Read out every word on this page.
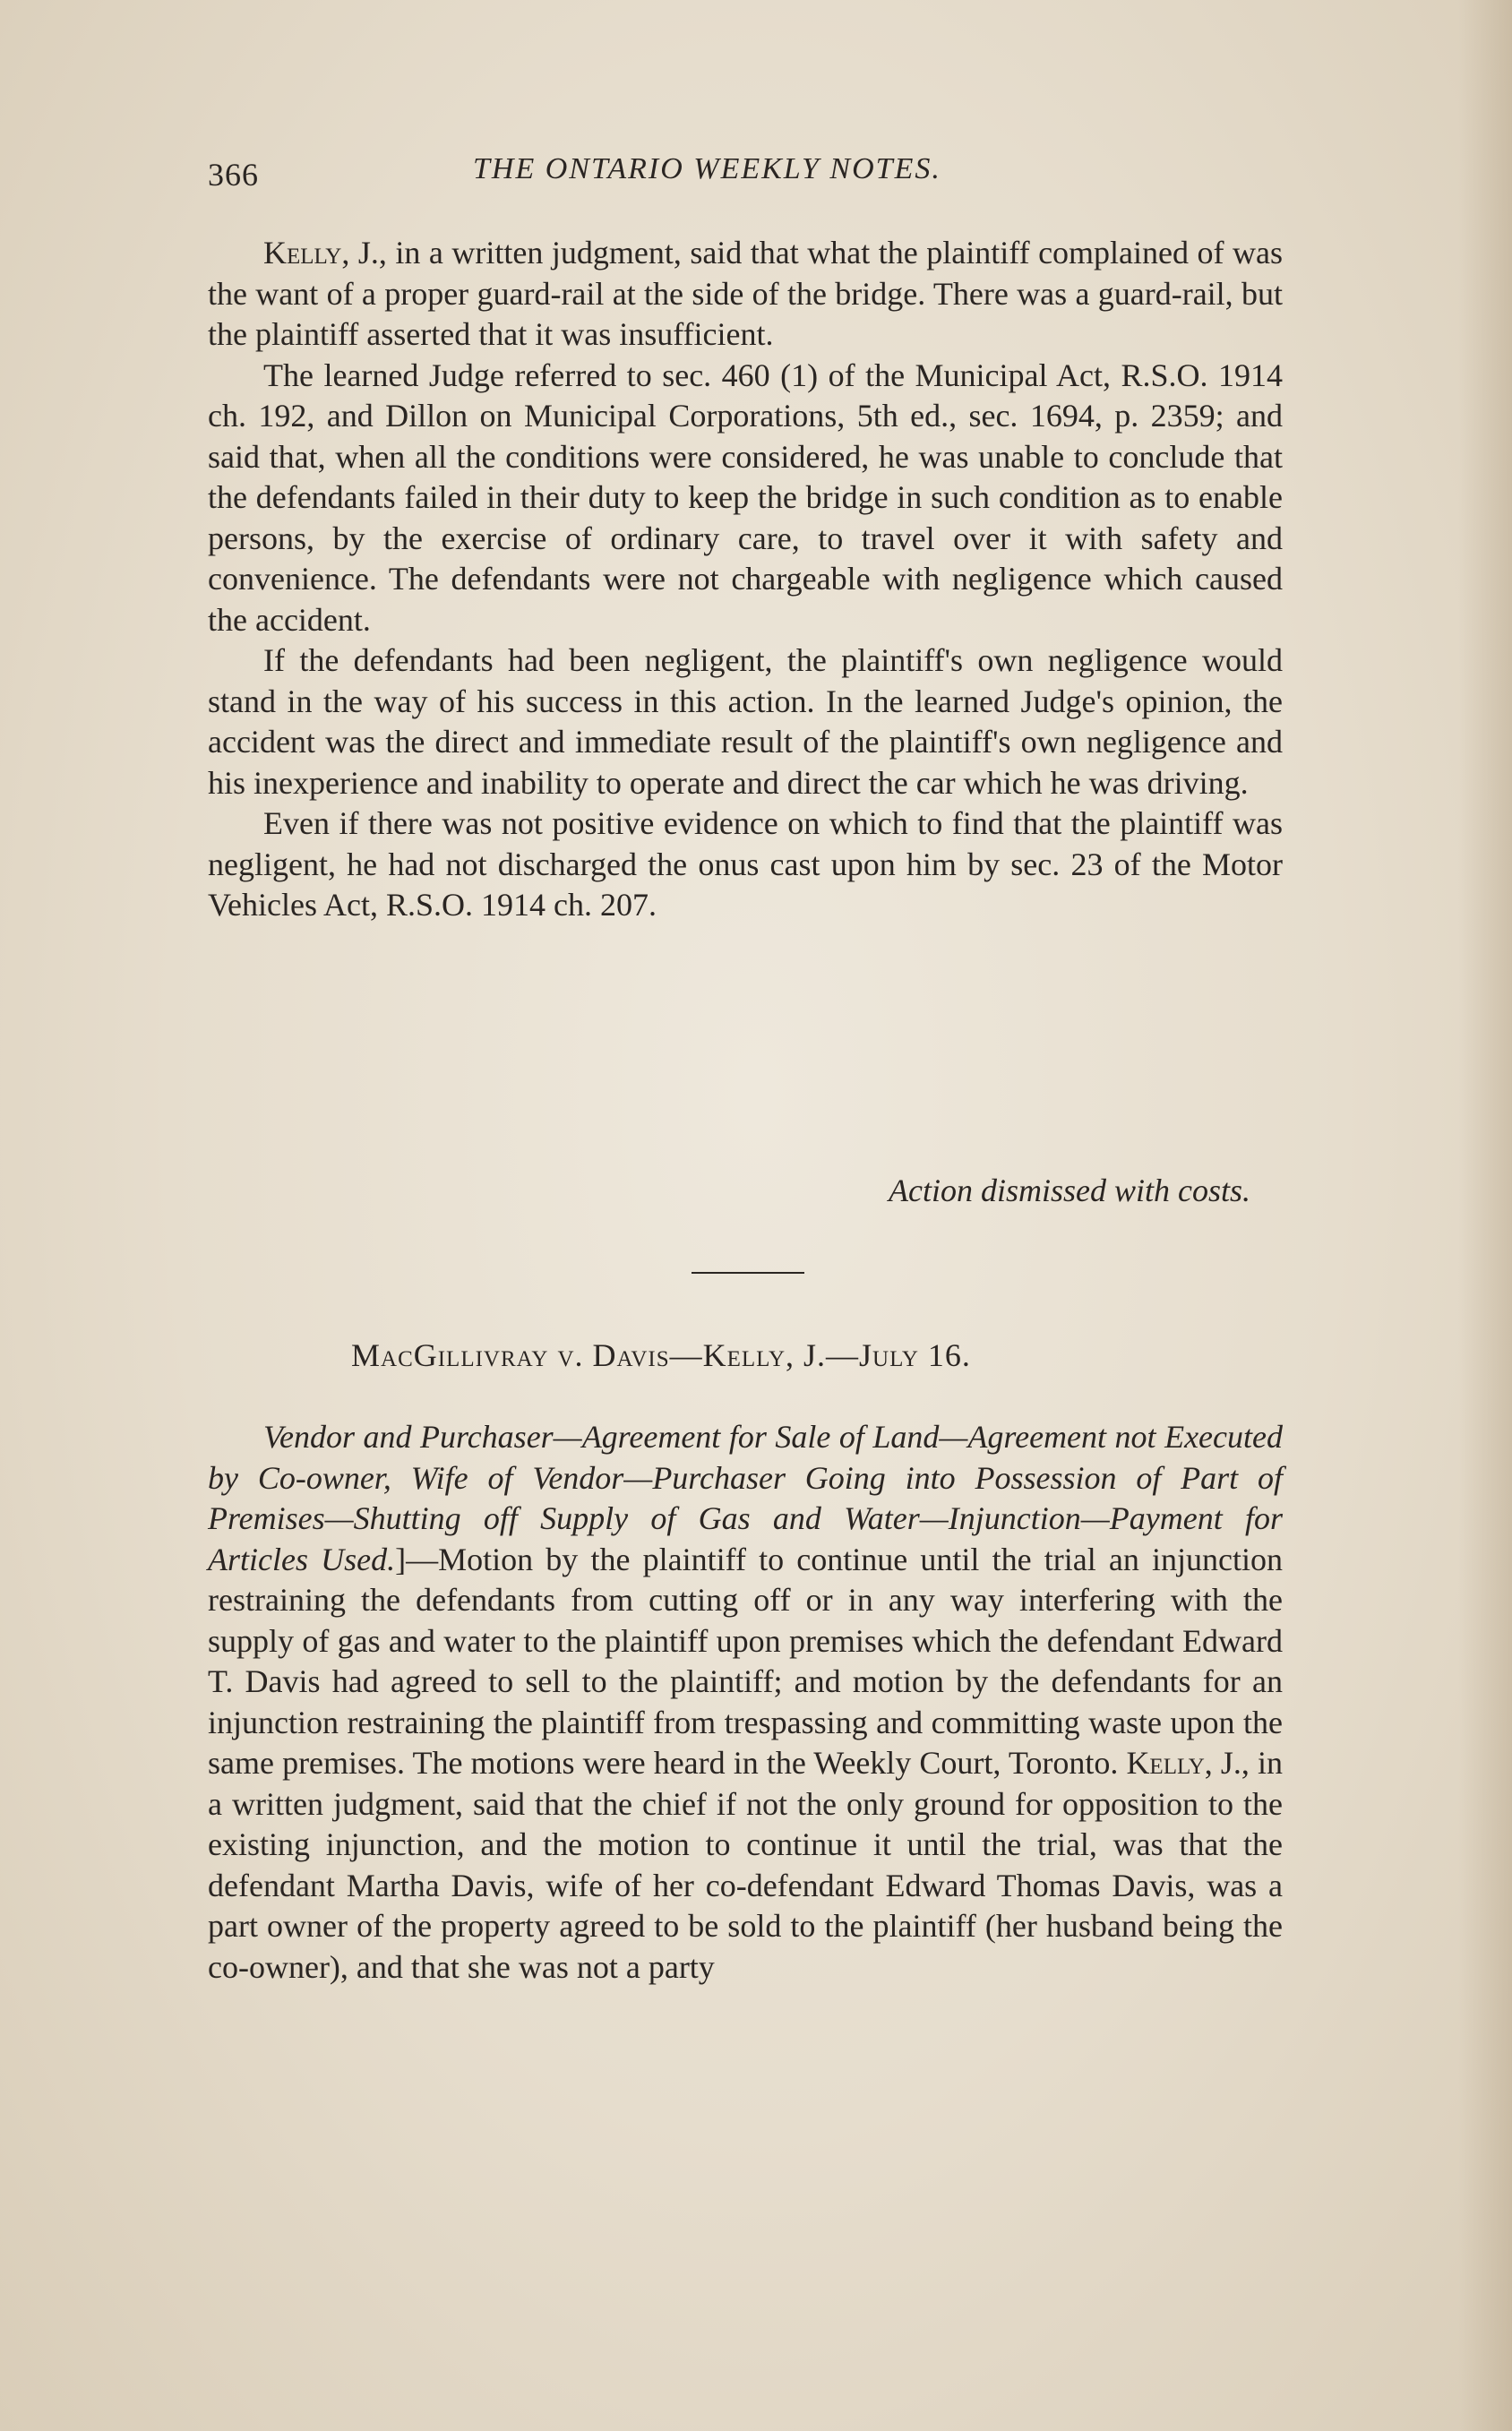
366	THE ONTARIO WEEKLY NOTES.

Kelly, J., in a written judgment, said that what the plaintiff complained of was the want of a proper guard-rail at the side of the bridge. There was a guard-rail, but the plaintiff asserted that it was insufficient.

The learned Judge referred to sec. 460 (1) of the Municipal Act, R.S.O. 1914 ch. 192, and Dillon on Municipal Corporations, 5th ed., sec. 1694, p. 2359; and said that, when all the conditions were considered, he was unable to conclude that the defendants failed in their duty to keep the bridge in such condition as to enable persons, by the exercise of ordinary care, to travel over it with safety and convenience. The defendants were not chargeable with negligence which caused the accident.

If the defendants had been negligent, the plaintiff's own negligence would stand in the way of his success in this action. In the learned Judge's opinion, the accident was the direct and immediate result of the plaintiff's own negligence and his inexperience and inability to operate and direct the car which he was driving.

Even if there was not positive evidence on which to find that the plaintiff was negligent, he had not discharged the onus cast upon him by sec. 23 of the Motor Vehicles Act, R.S.O. 1914 ch. 207.

Action dismissed with costs.
MacGillivray v. Davis—Kelly, J.—July 16.

Vendor and Purchaser—Agreement for Sale of Land—Agreement not Executed by Co-owner, Wife of Vendor—Purchaser Going into Possession of Part of Premises—Shutting off Supply of Gas and Water—Injunction—Payment for Articles Used.]—Motion by the plaintiff to continue until the trial an injunction restraining the defendants from cutting off or in any way interfering with the supply of gas and water to the plaintiff upon premises which the defendant Edward T. Davis had agreed to sell to the plaintiff; and motion by the defendants for an injunction restraining the plaintiff from trespassing and committing waste upon the same premises. The motions were heard in the Weekly Court, Toronto. Kelly, J., in a written judgment, said that the chief if not the only ground for opposition to the existing injunction, and the motion to continue it until the trial, was that the defendant Martha Davis, wife of her co-defendant Edward Thomas Davis, was a part owner of the property agreed to be sold to the plaintiff (her husband being the co-owner), and that she was not a party
